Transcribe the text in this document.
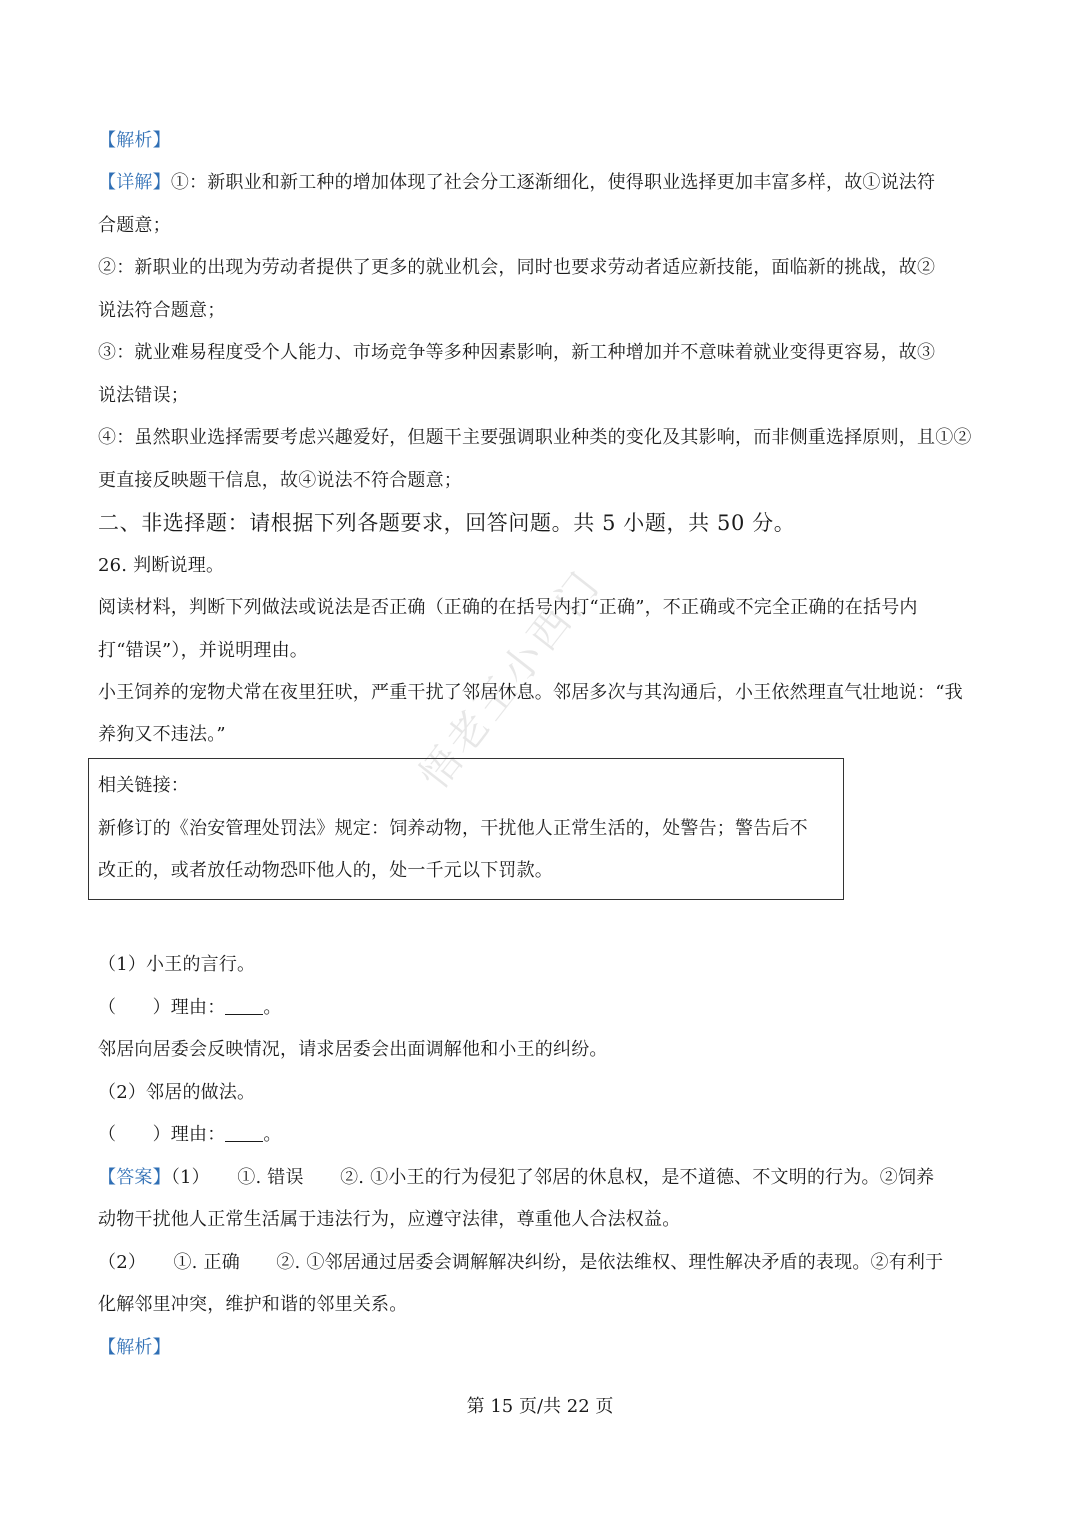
悟老王小西门
【解析】
【详解】①：新职业和新工种的增加体现了社会分工逐渐细化，使得职业选择更加丰富多样，故①说法符
合题意；
②：新职业的出现为劳动者提供了更多的就业机会，同时也要求劳动者适应新技能，面临新的挑战，故②
说法符合题意；
③：就业难易程度受个人能力、市场竞争等多种因素影响，新工种增加并不意味着就业变得更容易，故③
说法错误；
④：虽然职业选择需要考虑兴趣爱好，但题干主要强调职业种类的变化及其影响，而非侧重选择原则，且①②
更直接反映题干信息，故④说法不符合题意；
二、非选择题：请根据下列各题要求，回答问题。共 5 小题，共 50 分。
26. 判断说理。
阅读材料，判断下列做法或说法是否正确（正确的在括号内打“正确”，不正确或不完全正确的在括号内
打“错误”），并说明理由。
小王饲养的宠物犬常在夜里狂吠，严重干扰了邻居休息。邻居多次与其沟通后，小王依然理直气壮地说：“我
养狗又不违法。”
相关链接：
新修订的《治安管理处罚法》规定：饲养动物，干扰他人正常生活的，处警告；警告后不
改正的，或者放任动物恐吓他人的，处一千元以下罚款。
（1）小王的言行。
（　　）理由： 。
邻居向居委会反映情况，请求居委会出面调解他和小王的纠纷。
（2）邻居的做法。
（　　）理由： 。
【答案】（1）　　①. 错误　　②. ①小王的行为侵犯了邻居的休息权，是不道德、不文明的行为。②饲养
动物干扰他人正常生活属于违法行为，应遵守法律，尊重他人合法权益。
（2）　　①. 正确　　②. ①邻居通过居委会调解解决纠纷，是依法维权、理性解决矛盾的表现。②有利于
化解邻里冲突，维护和谐的邻里关系。
【解析】
第 15 页/共 22 页
